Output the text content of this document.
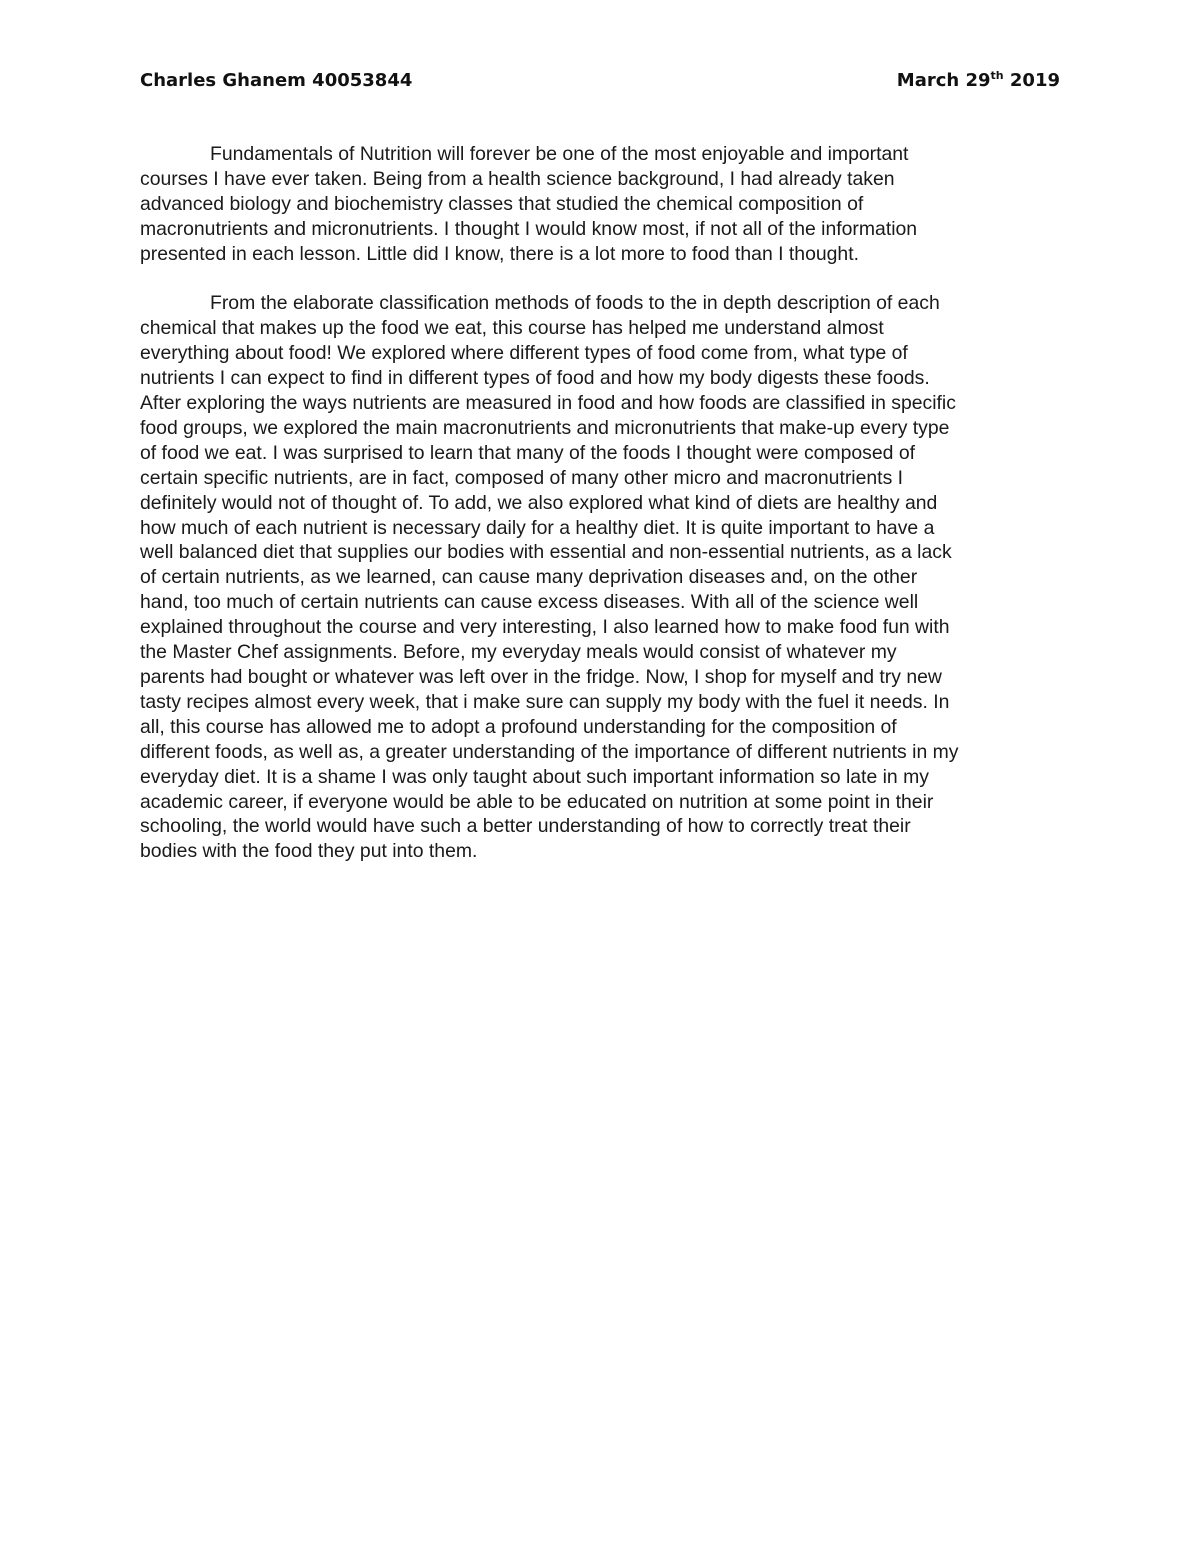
Charles Ghanem 40053844	March 29th 2019
Fundamentals of Nutrition will forever be one of the most enjoyable and important
courses I have ever taken. Being from a health science background, I had already taken
advanced biology and biochemistry classes that studied the chemical composition of
macronutrients and micronutrients. I thought I would know most, if not all of the information
presented in each lesson. Little did I know, there is a lot more to food than I thought.
From the elaborate classification methods of foods to the in depth description of each
chemical that makes up the food we eat, this course has helped me understand almost
everything about food! We explored where different types of food come from, what type of
nutrients I can expect to find in different types of food and how my body digests these foods.
After exploring the ways nutrients are measured in food and how foods are classified in specific
food groups, we explored the main macronutrients and micronutrients that make-up every type
of food we eat. I was surprised to learn that many of the foods I thought were composed of
certain specific nutrients, are in fact, composed of many other micro and macronutrients I
definitely would not of thought of. To add, we also explored what kind of diets are healthy and
how much of each nutrient is necessary daily for a healthy diet. It is quite important to have a
well balanced diet that supplies our bodies with essential and non-essential nutrients, as a lack
of certain nutrients, as we learned, can cause many deprivation diseases and, on the other
hand, too much of certain nutrients can cause excess diseases. With all of the science well
explained throughout the course and very interesting, I also learned how to make food fun with
the Master Chef assignments. Before, my everyday meals would consist of whatever my
parents had bought or whatever was left over in the fridge. Now, I shop for myself and try new
tasty recipes almost every week, that i make sure can supply my body with the fuel it needs. In
all, this course has allowed me to adopt a profound understanding for the composition of
different foods, as well as, a greater understanding of the importance of different nutrients in my
everyday diet. It is a shame I was only taught about such important information so late in my
academic career, if everyone would be able to be educated on nutrition at some point in their
schooling, the world would have such a better understanding of how to correctly treat their
bodies with the food they put into them.
